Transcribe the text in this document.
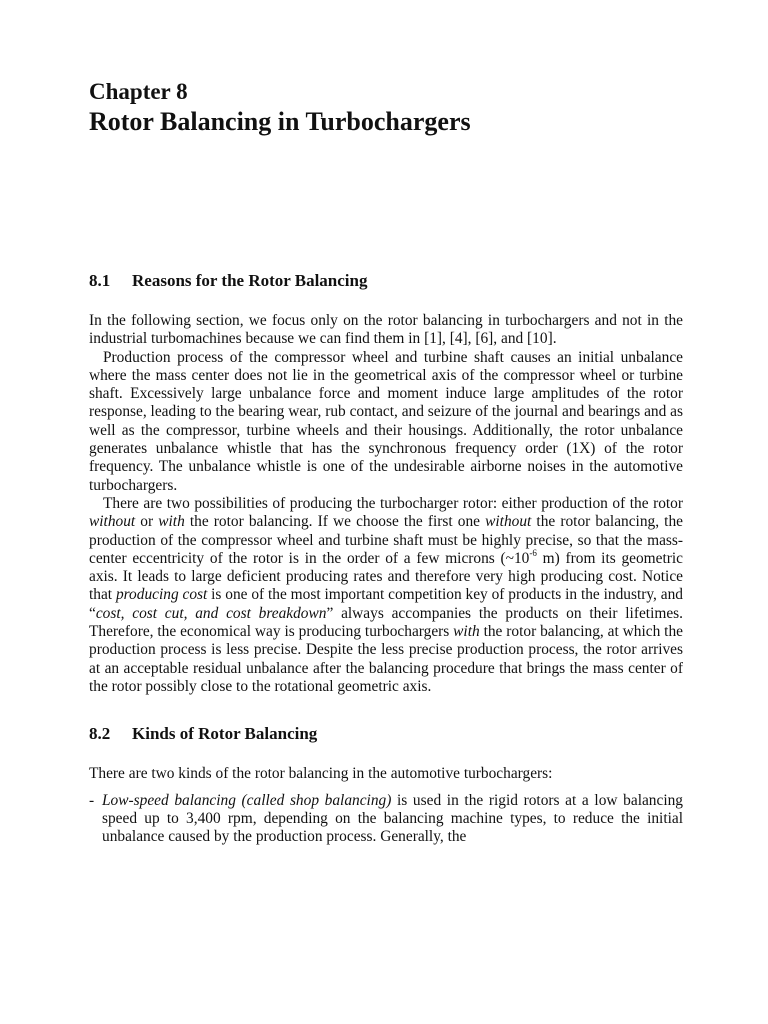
Chapter 8
Rotor Balancing in Turbochargers
8.1 Reasons for the Rotor Balancing

In the following section, we focus only on the rotor balancing in turbochargers and not in the industrial turbomachines because we can find them in [1], [4], [6], and [10].

Production process of the compressor wheel and turbine shaft causes an initial unbalance where the mass center does not lie in the geometrical axis of the compressor wheel or turbine shaft. Excessively large unbalance force and moment induce large amplitudes of the rotor response, leading to the bearing wear, rub contact, and seizure of the journal and bearings and as well as the compressor, turbine wheels and their housings. Additionally, the rotor unbalance generates unbalance whistle that has the synchronous frequency order (1X) of the rotor frequency. The unbalance whistle is one of the undesirable airborne noises in the automotive turbochargers.

There are two possibilities of producing the turbocharger rotor: either production of the rotor without or with the rotor balancing. If we choose the first one without the rotor balancing, the production of the compressor wheel and turbine shaft must be highly precise, so that the mass-center eccentricity of the rotor is in the order of a few microns ($\sim 10^{-6}$ m) from its geometric axis. It leads to large deficient producing rates and therefore very high producing cost. Notice that producing cost is one of the most important competition key of products in the industry, and “cost, cost cut, and cost breakdown” always accompanies the products on their lifetimes. Therefore, the economical way is producing turbochargers with the rotor balancing, at which the production process is less precise. Despite the less precise production process, the rotor arrives at an acceptable residual unbalance after the balancing procedure that brings the mass center of the rotor possibly close to the rotational geometric axis.

8.2 Kinds of Rotor Balancing

There are two kinds of the rotor balancing in the automotive turbochargers:

- Low-speed balancing (called shop balancing) is used in the rigid rotors at a low balancing speed up to 3,400 rpm, depending on the balancing machine types, to reduce the initial unbalance caused by the production process. Generally, the
